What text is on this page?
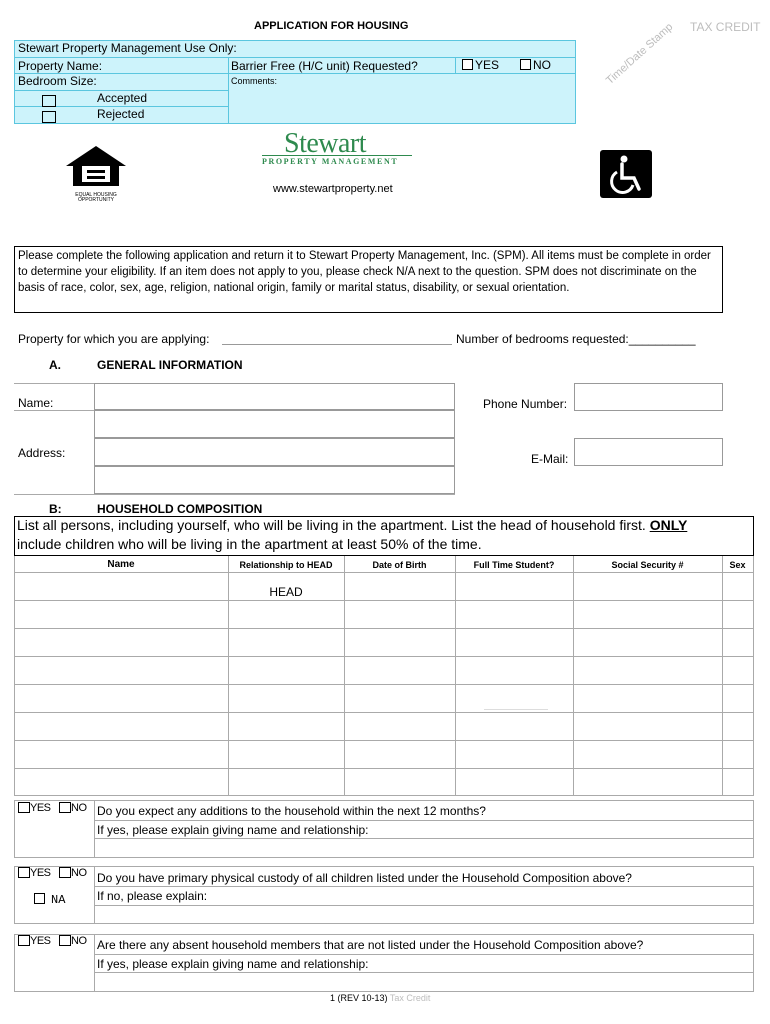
APPLICATION FOR HOUSING	TAX CREDIT
Time/Date Stamp
Stewart Property Management Use Only:
Property Name:
Bedroom Size:
Barrier Free (H/C unit) Requested?	YES	NO
Comments:
Accepted
Rejected
EQUAL HOUSING OPPORTUNITY
Stewart
PROPERTY MANAGEMENT
www.stewartproperty.net
Please complete the following application and return it to Stewart Property Management, Inc. (SPM). All items must be complete in order to determine your eligibility. If an item does not apply to you, please check N/A next to the question. SPM does not discriminate on the basis of race, color, sex, age, religion, national origin, family or marital status, disability, or sexual orientation.
Property for which you are applying:	Number of bedrooms requested:__________
A.	GENERAL INFORMATION
Name:
Address:
Phone Number:
E-Mail:
B:	HOUSEHOLD COMPOSITION
List all persons, including yourself, who will be living in the apartment. List the head of household first. ONLY
include children who will be living in the apartment at least 50% of the time.
Name	Relationship to HEAD	Date of Birth	Full Time Student?	Social Security #	Sex
HEAD
YES	NO Do you expect any additions to the household within the next 12 months?
If yes, please explain giving name and relationship:
YES	NO
NA
Do you have primary physical custody of all children listed under the Household Composition above?
If no, please explain:
YES	NO Are there any absent household members that are not listed under the Household Composition above?
If yes, please explain giving name and relationship:
1 (REV 10-13) Tax Credit
